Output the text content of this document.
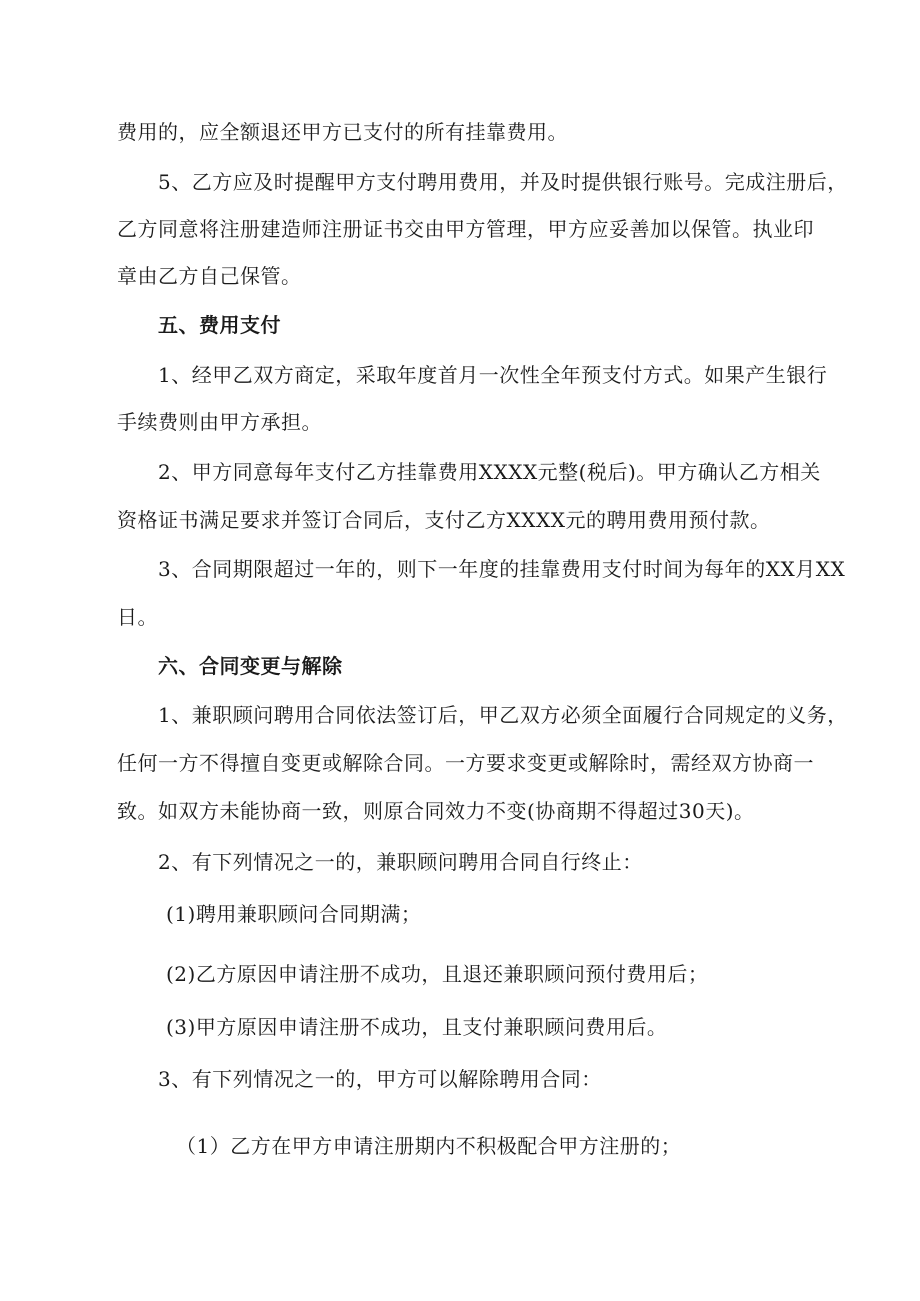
费用的，应全额退还甲方已支付的所有挂靠费用。
5、乙方应及时提醒甲方支付聘用费用，并及时提供银行账号。完成注册后，
乙方同意将注册建造师注册证书交由甲方管理，甲方应妥善加以保管。执业印
章由乙方自己保管。
五、费用支付
1、经甲乙双方商定，采取年度首月一次性全年预支付方式。如果产生银行
手续费则由甲方承担。
2、甲方同意每年支付乙方挂靠费用XXXX元整(税后)。甲方确认乙方相关
资格证书满足要求并签订合同后，支付乙方XXXX元的聘用费用预付款。
3、合同期限超过一年的，则下一年度的挂靠费用支付时间为每年的XX月XX
日。
六、合同变更与解除
1、兼职顾问聘用合同依法签订后，甲乙双方必须全面履行合同规定的义务，
任何一方不得擅自变更或解除合同。一方要求变更或解除时，需经双方协商一
致。如双方未能协商一致，则原合同效力不变(协商期不得超过30天)。
2、有下列情况之一的，兼职顾问聘用合同自行终止：
(1)聘用兼职顾问合同期满；
(2)乙方原因申请注册不成功，且退还兼职顾问预付费用后；
(3)甲方原因申请注册不成功，且支付兼职顾问费用后。
3、有下列情况之一的，甲方可以解除聘用合同：
（1）乙方在甲方申请注册期内不积极配合甲方注册的；
